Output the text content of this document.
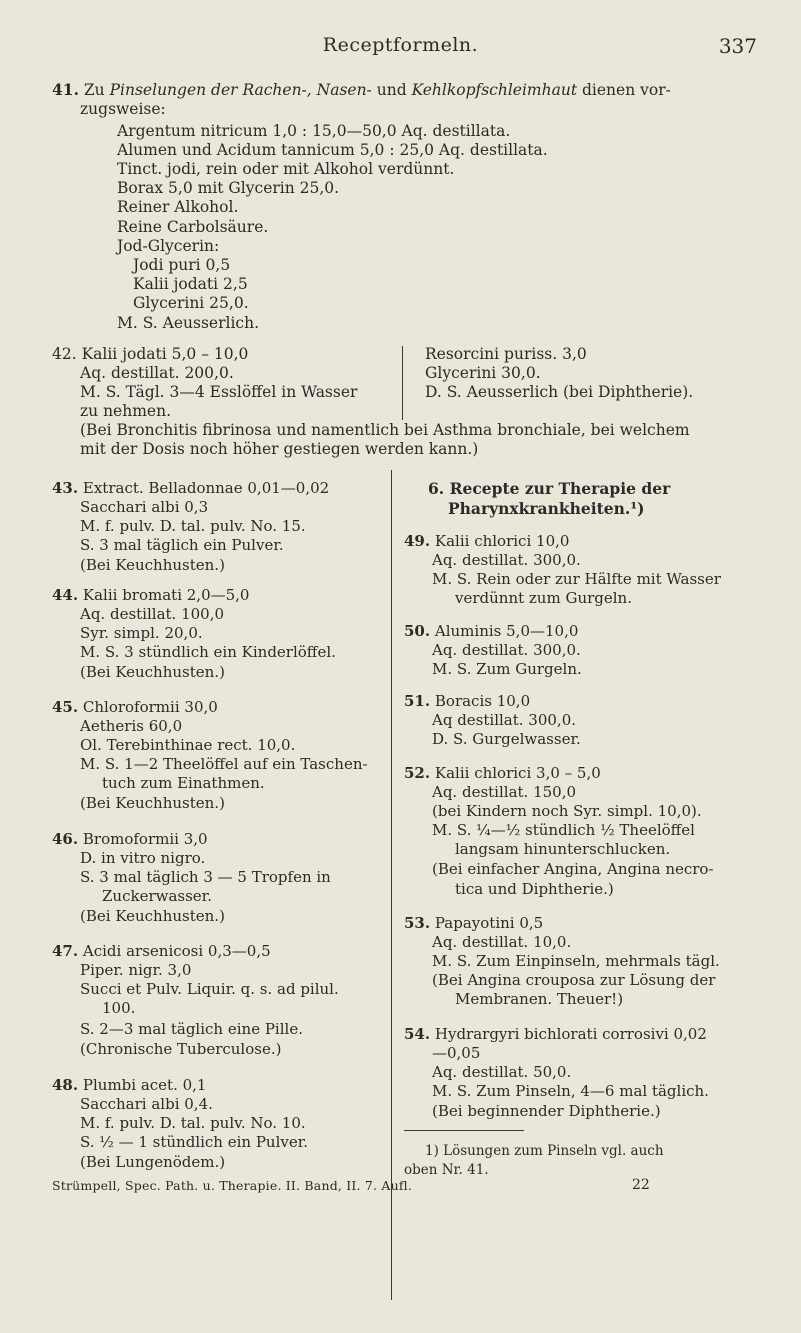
Receptformeln.	337
41. Zu Pinselungen der Rachen-, Nasen- und Kehlkopfschleimhaut dienen vor-
zugsweise:
Argentum nitricum 1,0 : 15,0—50,0 Aq. destillata.
Alumen und Acidum tannicum 5,0 : 25,0 Aq. destillata.
Tinct. jodi, rein oder mit Alkohol verdünnt.
Borax 5,0 mit Glycerin 25,0.
Reiner Alkohol.
Reine Carbolsäure.
Jod-Glycerin:
Jodi puri 0,5
Kalii jodati 2,5
Glycerini 25,0.
M. S. Aeusserlich.
42. Kalii jodati 5,0 – 10,0
Aq. destillat. 200,0.
M. S. Tägl. 3—4 Esslöffel in Wasser
zu nehmen.
Resorcini puriss. 3,0
Glycerini 30,0.
D. S. Aeusserlich (bei Diphtherie).
(Bei Bronchitis fibrinosa und namentlich bei Asthma bronchiale, bei welchem
mit der Dosis noch höher gestiegen werden kann.)
43. Extract. Belladonnae 0,01—0,02
Sacchari albi 0,3
M. f. pulv. D. tal. pulv. No. 15.
S. 3 mal täglich ein Pulver.
(Bei Keuchhusten.)
44. Kalii bromati 2,0—5,0
Aq. destillat. 100,0
Syr. simpl. 20,0.
M. S. 3 stündlich ein Kinderlöffel.
(Bei Keuchhusten.)
45. Chloroformii 30,0
Aetheris 60,0
Ol. Terebinthinae rect. 10,0.
M. S. 1—2 Theelöffel auf ein Taschen-
tuch zum Einathmen.
(Bei Keuchhusten.)
46. Bromoformii 3,0
D. in vitro nigro.
S. 3 mal täglich 3 — 5 Tropfen in
Zuckerwasser.
(Bei Keuchhusten.)
47. Acidi arsenicosi 0,3—0,5
Piper. nigr. 3,0
Succi et Pulv. Liquir. q. s. ad pilul.
100.
S. 2—3 mal täglich eine Pille.
(Chronische Tuberculose.)
48. Plumbi acet. 0,1
Sacchari albi 0,4.
M. f. pulv. D. tal. pulv. No. 10.
S. ½ — 1 stündlich ein Pulver.
(Bei Lungenödem.)
6. Recepte zur Therapie der
Pharynxkrankheiten.¹)
49. Kalii chlorici 10,0
Aq. destillat. 300,0.
M. S. Rein oder zur Hälfte mit Wasser
verdünnt zum Gurgeln.
50. Aluminis 5,0—10,0
Aq. destillat. 300,0.
M. S. Zum Gurgeln.
51. Boracis 10,0
Aq destillat. 300,0.
D. S. Gurgelwasser.
52. Kalii chlorici 3,0 – 5,0
Aq. destillat. 150,0
(bei Kindern noch Syr. simpl. 10,0).
M. S. ¼—½ stündlich ½ Theelöffel
langsam hinunterschlucken.
(Bei einfacher Angina, Angina necro-
tica und Diphtherie.)
53. Papayotini 0,5
Aq. destillat. 10,0.
M. S. Zum Einpinseln, mehrmals tägl.
(Bei Angina crouposa zur Lösung der
Membranen. Theuer!)
54. Hydrargyri bichlorati corrosivi 0,02
—0,05
Aq. destillat. 50,0.
M. S. Zum Pinseln, 4—6 mal täglich.
(Bei beginnender Diphtherie.)
1) Lösungen zum Pinseln vgl. auch
oben Nr. 41.
Strümpell, Spec. Path. u. Therapie. II. Band, II. 7. Aufl.	22
